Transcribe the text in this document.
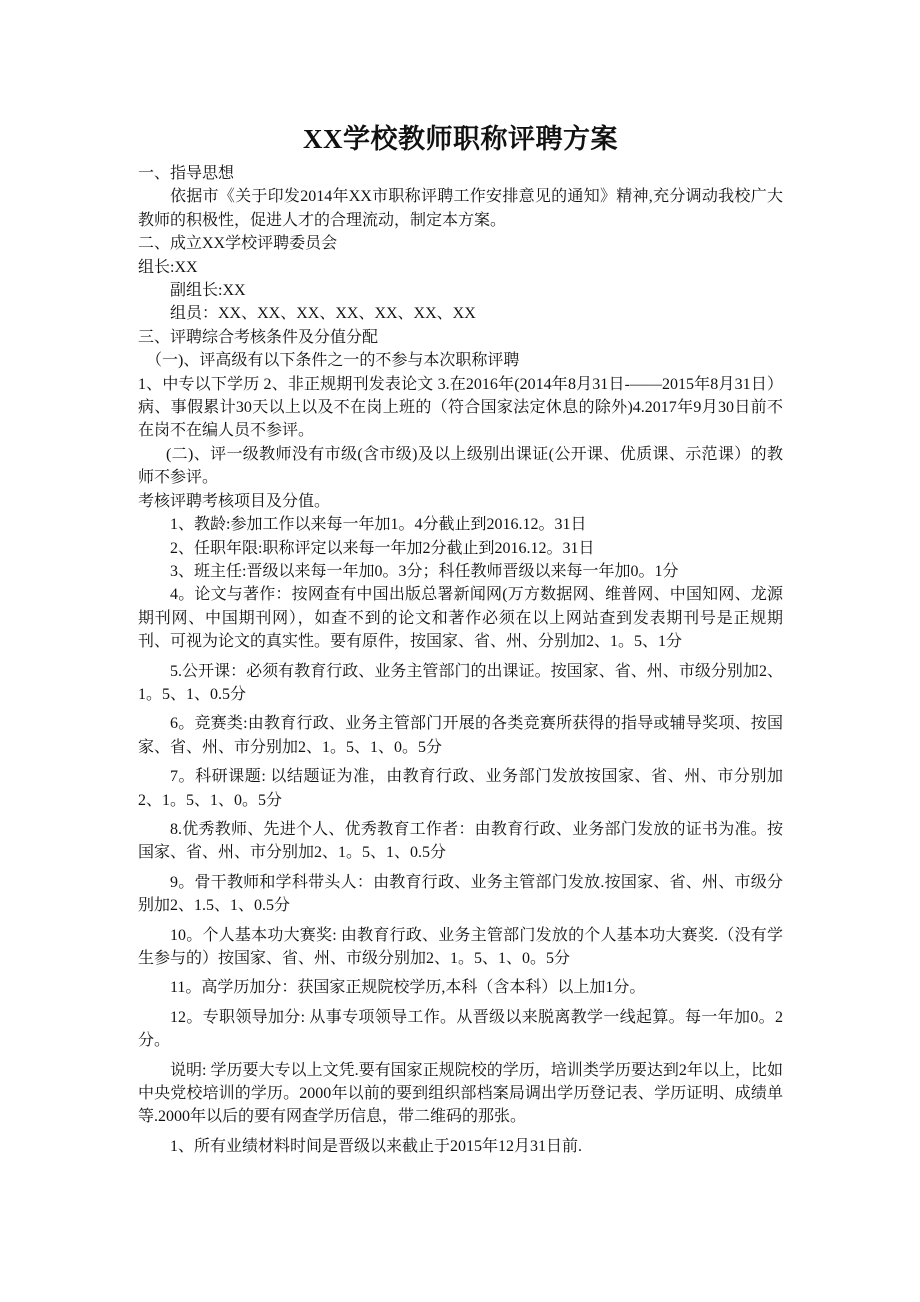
XX学校教师职称评聘方案

一、指导思想

依据市《关于印发2014年XX市职称评聘工作安排意见的通知》精神,充分调动我校广大教师的积极性，促进人才的合理流动，制定本方案。

二、成立XX学校评聘委员会

组长:XX

副组长:XX

组员：XX、XX、XX、XX、XX、XX、XX

三、评聘综合考核条件及分值分配

（一)、评高级有以下条件之一的不参与本次职称评聘

1、中专以下学历 2、非正规期刊发表论文 3.在2016年(2014年8月31日-——2015年8月31日）病、事假累计30天以上以及不在岗上班的（符合国家法定休息的除外)4.2017年9月30日前不在岗不在编人员不参评。

(二)、评一级教师没有市级(含市级)及以上级别出课证(公开课、优质课、示范课）的教师不参评。

考核评聘考核项目及分值。

1、教龄:参加工作以来每一年加1。4分截止到2016.12。31日

2、任职年限:职称评定以来每一年加2分截止到2016.12。31日

3、班主任:晋级以来每一年加0。3分；科任教师晋级以来每一年加0。1分

4。论文与著作：按网查有中国出版总署新闻网(万方数据网、维普网、中国知网、龙源期刊网、中国期刊网），如查不到的论文和著作必须在以上网站查到发表期刊号是正规期刊、可视为论文的真实性。要有原件，按国家、省、州、分别加2、1。5、1分

5.公开课：必须有教育行政、业务主管部门的出课证。按国家、省、州、市级分别加2、1。5、1、0.5分

6。竞赛类:由教育行政、业务主管部门开展的各类竞赛所获得的指导或辅导奖项、按国家、省、州、市分别加2、1。5、1、0。5分

7。科研课题: 以结题证为准，由教育行政、业务部门发放按国家、省、州、市分别加2、1。5、1、0。5分

8.优秀教师、先进个人、优秀教育工作者：由教育行政、业务部门发放的证书为准。按国家、省、州、市分别加2、1。5、1、0.5分

9。骨干教师和学科带头人：由教育行政、业务主管部门发放.按国家、省、州、市级分别加2、1.5、1、0.5分

10。个人基本功大赛奖: 由教育行政、业务主管部门发放的个人基本功大赛奖.（没有学生参与的）按国家、省、州、市级分别加2、1。5、1、0。5分

11。高学历加分：获国家正规院校学历,本科（含本科）以上加1分。

12。专职领导加分: 从事专项领导工作。从晋级以来脱离教学一线起算。每一年加0。2分。

说明: 学历要大专以上文凭.要有国家正规院校的学历，培训类学历要达到2年以上，比如中央党校培训的学历。2000年以前的要到组织部档案局调出学历登记表、学历证明、成绩单等.2000年以后的要有网查学历信息，带二维码的那张。

1、所有业绩材料时间是晋级以来截止于2015年12月31日前.
